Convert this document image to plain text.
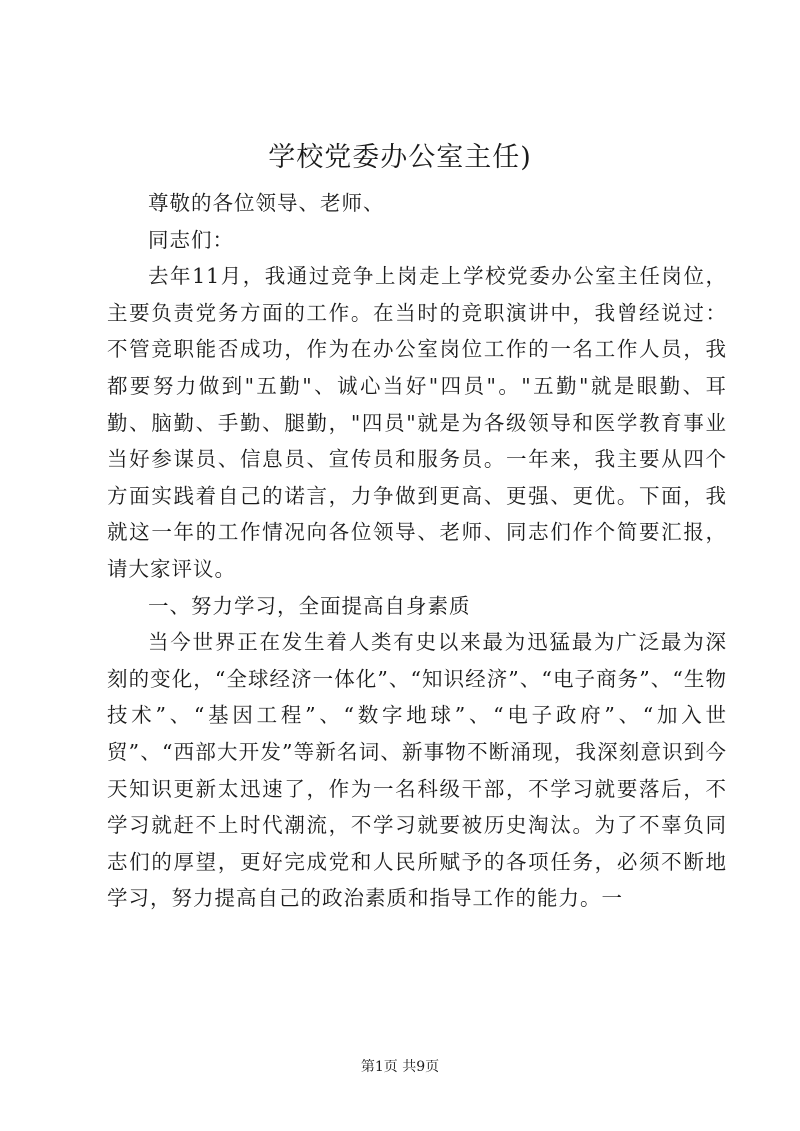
学校党委办公室主任)

尊敬的各位领导、老师、

同志们：

去年11月，我通过竞争上岗走上学校党委办公室主任岗位，主要负责党务方面的工作。在当时的竞职演讲中，我曾经说过：不管竞职能否成功，作为在办公室岗位工作的一名工作人员，我都要努力做到"五勤"、诚心当好"四员"。"五勤"就是眼勤、耳勤、脑勤、手勤、腿勤，"四员"就是为各级领导和医学教育事业当好参谋员、信息员、宣传员和服务员。一年来，我主要从四个方面实践着自己的诺言，力争做到更高、更强、更优。下面，我就这一年的工作情况向各位领导、老师、同志们作个简要汇报，请大家评议。

一、努力学习，全面提高自身素质

当今世界正在发生着人类有史以来最为迅猛最为广泛最为深刻的变化，“全球经济一体化”、“知识经济”、“电子商务”、“生物技术”、“基因工程”、“数字地球”、“电子政府”、“加入世贸”、“西部大开发”等新名词、新事物不断涌现，我深刻意识到今天知识更新太迅速了，作为一名科级干部，不学习就要落后，不学习就赶不上时代潮流，不学习就要被历史淘汰。为了不辜负同志们的厚望，更好完成党和人民所赋予的各项任务，必须不断地学习，努力提高自己的政治素质和指导工作的能力。一

第1页 共9页
